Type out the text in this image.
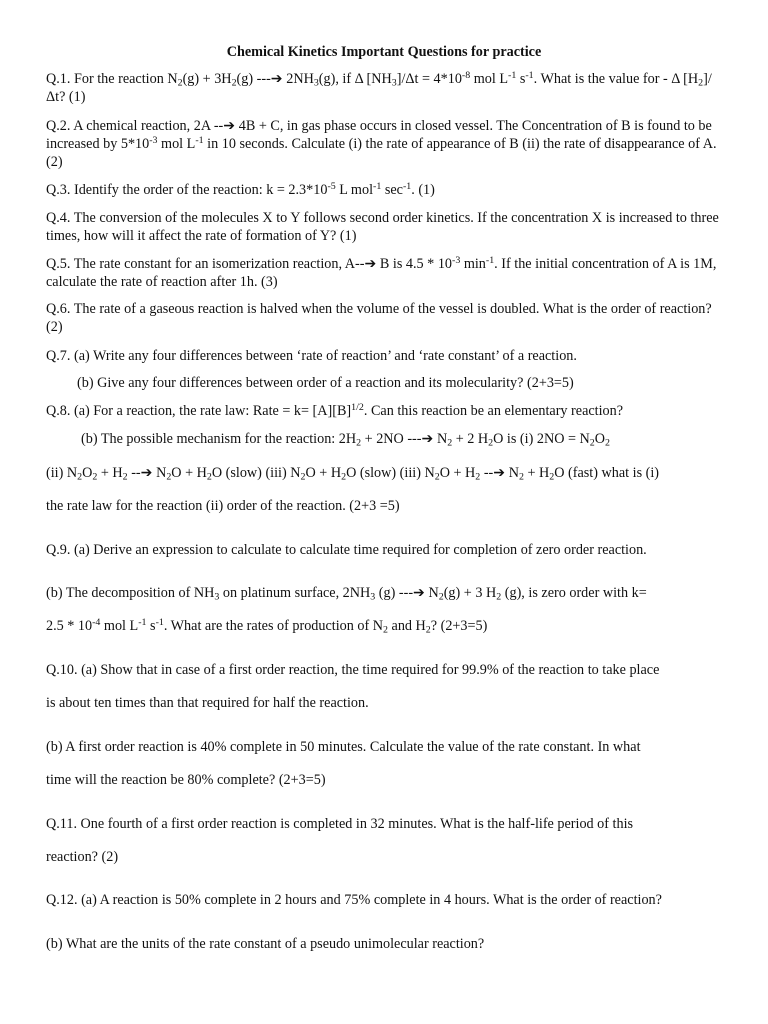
Chemical Kinetics Important Questions for practice

Q.1. For the reaction $N_2(g) + 3H_2(g)$ ---➔ $2NH_3(g)$, if Δ $[NH_3]/\Delta t = 4*10^{-8}$ mol $L^{-1}$ $s^{-1}$. What is the value for - Δ $[H_2]/\Delta t$? (1)

Q.2. A chemical reaction, 2A --➔ 4B + C, in gas phase occurs in closed vessel. The Concentration of B is found to be increased by $5*10^{-3}$ mol $L^{-1}$ in 10 seconds. Calculate (i) the rate of appearance of B (ii) the rate of disappearance of A. (2)

Q.3. Identify the order of the reaction: $k = 2.3*10^{-5}$ L mol$^{-1}$ $\sec^{-1}$. (1)

Q.4. The conversion of the molecules X to Y follows second order kinetics. If the concentration X is increased to three times, how will it affect the rate of formation of Y? (1)

Q.5. The rate constant for an isomerization reaction, A--➔ B is $4.5 * 10^{-3}$ $\min^{-1}$. If the initial concentration of A is 1M, calculate the rate of reaction after 1h. (3)

Q.6. The rate of a gaseous reaction is halved when the volume of the vessel is doubled. What is the order of reaction? (2)

Q.7. (a) Write any four differences between ‘rate of reaction’ and ‘rate constant’ of a reaction.

(b) Give any four differences between order of a reaction and its molecularity? (2+3=5)

Q.8. (a) For a reaction, the rate law: Rate = $k= [A][B]^{1/2}$. Can this reaction be an elementary reaction?

(b) The possible mechanism for the reaction: $2H_2 + 2NO$ ---➔ $N_2 + 2$ $H_2O$ is (i) $2NO = N_2O_2$

(ii) $N_2O_2 + H_2$ --➔ $N_2O + H_2O$ (slow) (iii) $N_2O + H_2O$ (slow) (iii) $N_2O + H_2$ --➔ $N_2 + H_2O$ (fast) what is (i)

the rate law for the reaction (ii) order of the reaction. (2+3 =5)

Q.9. (a) Derive an expression to calculate to calculate time required for completion of zero order reaction.

(b) The decomposition of $NH_3$ on platinum surface, $2NH_3$ (g) ---➔ $N_2(g) + 3$ $H_2$ (g), is zero order with k=

$2.5 * 10^{-4}$ mol $L^{-1}$ $s^{-1}$. What are the rates of production of $N_2$ and $H_2$? (2+3=5)

Q.10. (a) Show that in case of a first order reaction, the time required for 99.9% of the reaction to take place

is about ten times than that required for half the reaction.

(b) A first order reaction is 40% complete in 50 minutes. Calculate the value of the rate constant. In what

time will the reaction be 80% complete? (2+3=5)

Q.11. One fourth of a first order reaction is completed in 32 minutes. What is the half-life period of this

reaction? (2)

Q.12. (a) A reaction is 50% complete in 2 hours and 75% complete in 4 hours. What is the order of reaction?

(b) What are the units of the rate constant of a pseudo unimolecular reaction?
